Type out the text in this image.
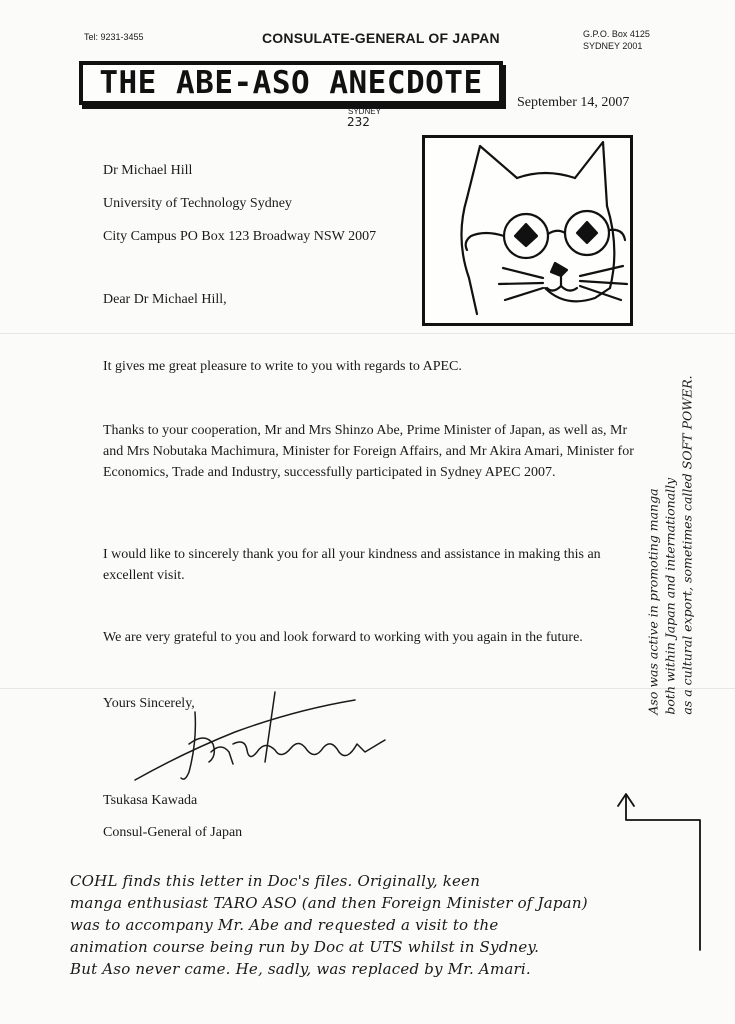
Tel: 9231-3455	CONSULATE-GENERAL OF JAPAN	G.P.O. Box 4125
SYDNEY 2001
THE ABE-ASO ANECDOTE
SYDNEY
232
September 14, 2007
Dr Michael Hill
University of Technology Sydney
City Campus PO Box 123 Broadway NSW 2007
Dear Dr Michael Hill,
It gives me great pleasure to write to you with regards to APEC.
Thanks to your cooperation, Mr and Mrs Shinzo Abe, Prime Minister of Japan, as well as, Mr and Mrs Nobutaka Machimura, Minister for Foreign Affairs, and Mr Akira Amari, Minister for Economics, Trade and Industry, successfully participated in Sydney APEC 2007.
I would like to sincerely thank you for all your kindness and assistance in making this an excellent visit.
We are very grateful to you and look forward to working with you again in the future.
Yours Sincerely,
Tsukasa Kawada
Consul-General of Japan
COHL finds this letter in Doc's files. Originally, keen
manga enthusiast TARO ASO (and then Foreign Minister of Japan)
was to accompany Mr. Abe and requested a visit to the
animation course being run by Doc at UTS whilst in Sydney.
But Aso never came. He, sadly, was replaced by Mr. Amari.
Aso was active in promoting manga both within Japan and internationally as a cultural export, sometimes called SOFT POWER.
